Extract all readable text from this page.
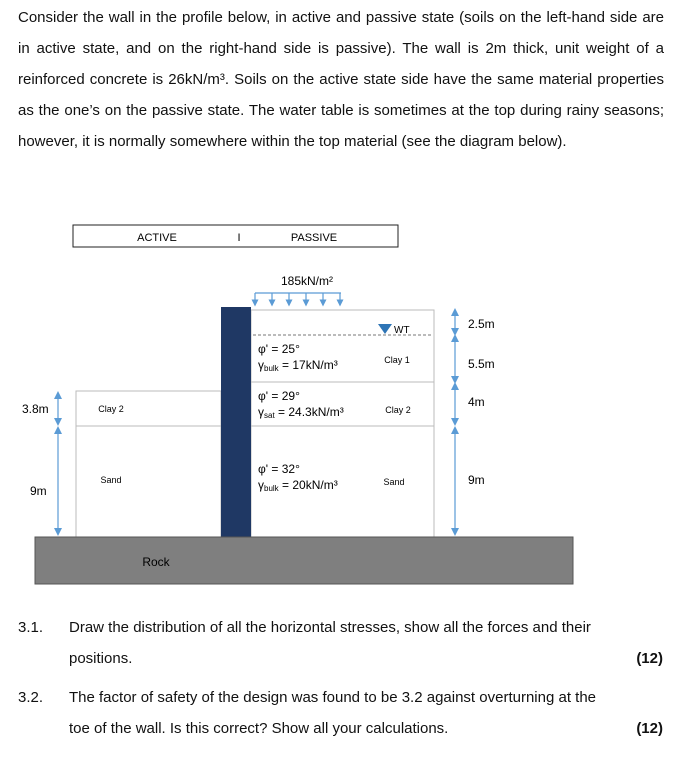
Consider the wall in the profile below, in active and passive state (soils on the left-hand side are in active state, and on the right-hand side is passive). The wall is 2m thick, unit weight of a reinforced concrete is 26kN/m³. Soils on the active state side have the same material properties as the one’s on the passive state. The water table is sometimes at the top during rainy seasons; however, it is normally somewhere within the top material (see the diagram below).

ACTIVE	I	PASSIVE
185kN/m²
Clay 2
Sand
WT
Clay 1
Clay 2
Sand
φ' = 25°
γbulk = 17kN/m³
φ' = 29°
γsat = 24.3kN/m³
φ' = 32°
γbulk = 20kN/m³
Rock
3.8m
9m
2.5m
5.5m
4m
9m
3.1. Draw the distribution of all the horizontal stresses, show all the forces and their
positions.	(12)
3.2. The factor of safety of the design was found to be 3.2 against overturning at the
toe of the wall. Is this correct? Show all your calculations.	(12)
